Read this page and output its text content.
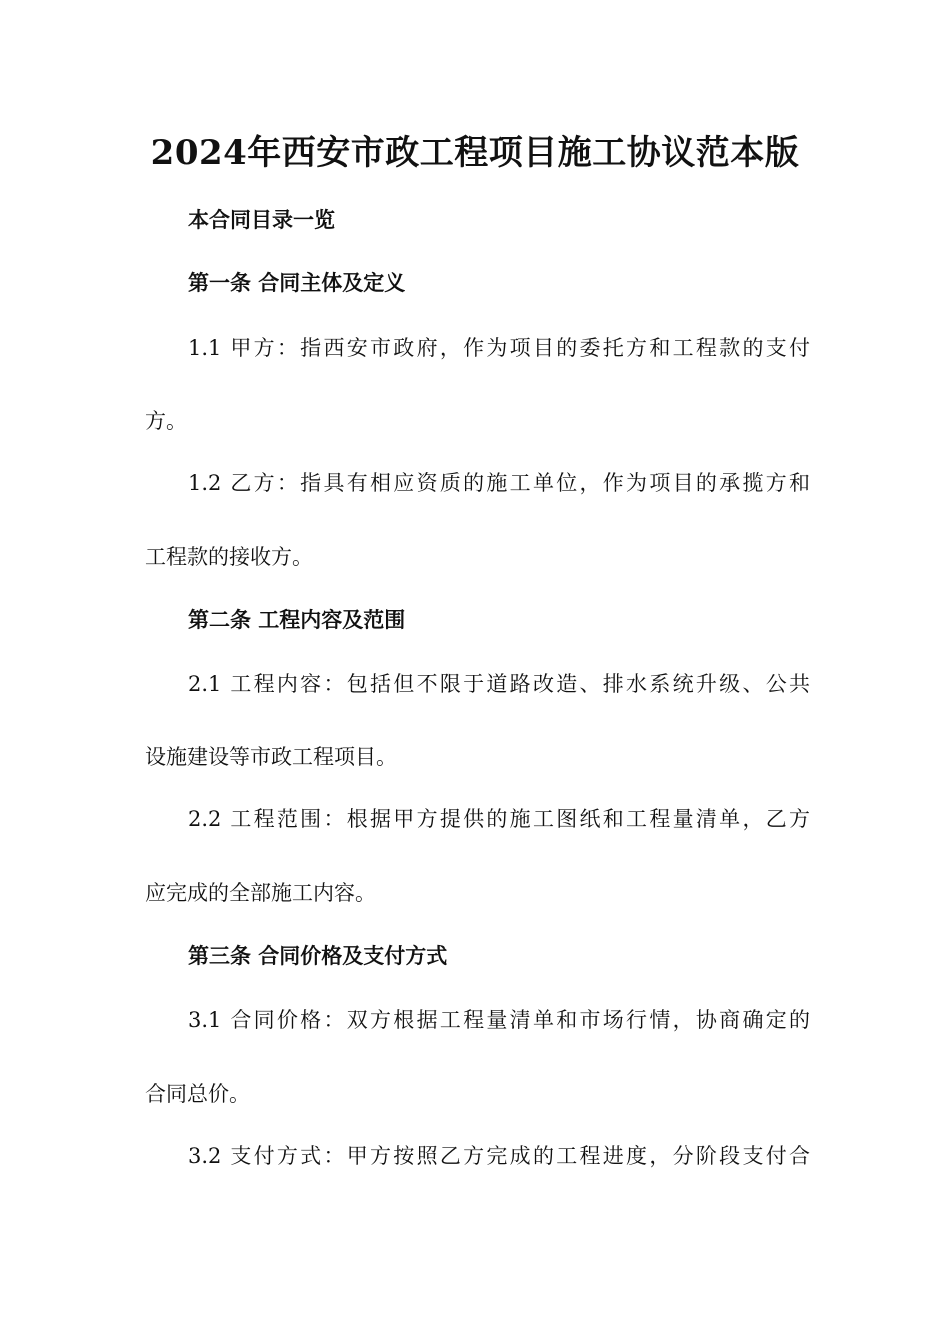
2024年西安市政工程项目施工协议范本版
本合同目录一览
第一条 合同主体及定义
1.1 甲方：指西安市政府，作为项目的委托方和工程款的支付
方。
1.2 乙方：指具有相应资质的施工单位，作为项目的承揽方和
工程款的接收方。
第二条 工程内容及范围
2.1 工程内容：包括但不限于道路改造、排水系统升级、公共
设施建设等市政工程项目。
2.2 工程范围：根据甲方提供的施工图纸和工程量清单，乙方
应完成的全部施工内容。
第三条 合同价格及支付方式
3.1 合同价格：双方根据工程量清单和市场行情，协商确定的
合同总价。
3.2 支付方式：甲方按照乙方完成的工程进度，分阶段支付合
